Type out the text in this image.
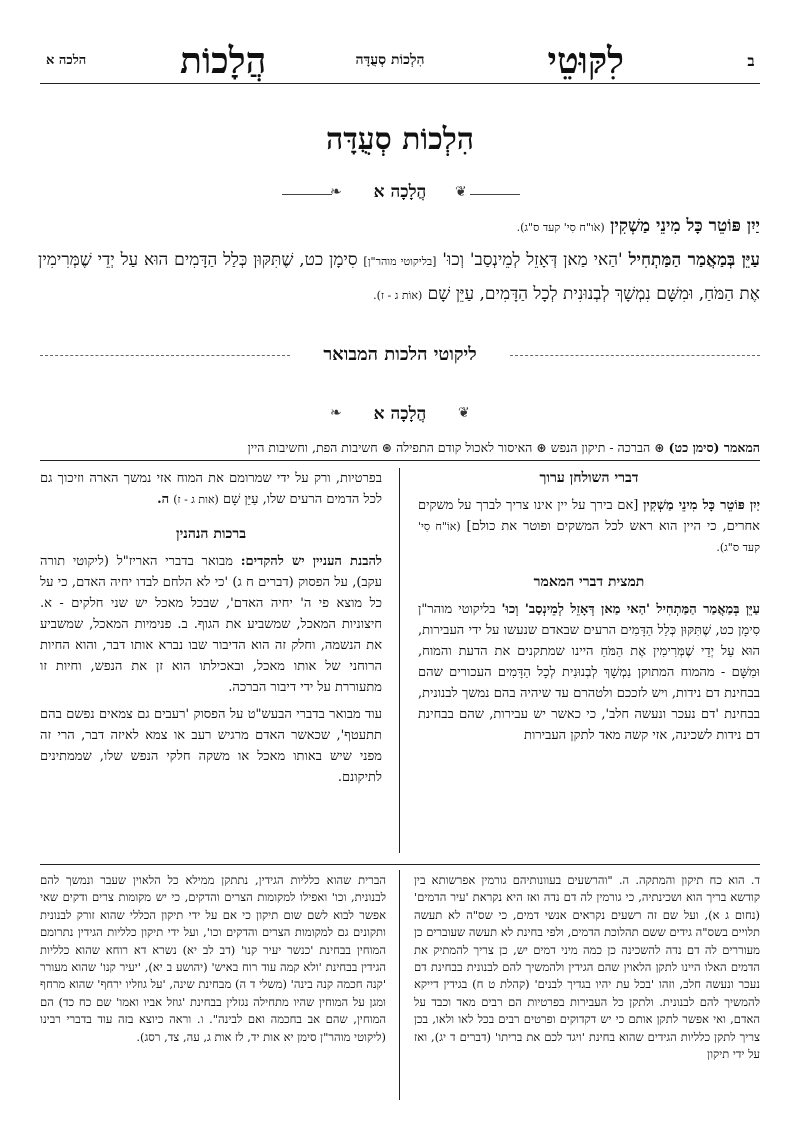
ב
לִקּוּטֵי
הִלְכוֹת סְעֻדָּה
הֲלָכוֹת
הלכה א
הִלְכוֹת סְעֻדָּה
הֲלָכָה א	❦
❧
יַיִן פּוֹטֵר כָּל מִינֵי מַשְׁקִין (אֹו"ח סִי' קעד ס"ג).
עַיֵּן בְּמַאֲמַר הַמַּתְחִיל 'הַאי מַאן דְּאָזֵל לְמֵינְסַב' וְכוּ' [בליקוטי מוהר"ן] סִימָן כט, שֶׁתִּקּוּן כְּלַל הַדָּמִים הוּא עַל יְדֵי שֶׁמְּרִימִין אֶת הַמֹּחַ, וּמִשָּׁם נִמְשָׁךְ לְבְנוּנִית לְכָל הַדָּמִים, עַיֵּן שָׁם (אוֹת ג - ז).
ליקוטי הלכות המבואר
הֲלָכָה א	❦
❧
המאמר (סימן כט) ⊛ הברכה - תיקון הנפש ⊛ האיסור לאכול קודם התפילה ⊛ חשיבות הפת, וחשיבות היין
דברי השולחן ערוך

יַיִן פּוֹטֵר כָּל מִינֵי מַשְׁקִין [אם בירך על יין אינו צריך לברך על משקים אחרים, כי היין הוא ראש לכל המשקים ופוטר את כולם] (אוֹ"ח סִי' קעד ס"ג).

תמצית דברי המאמר

עַיֵּן בְּמַאֲמַר הַמַּתְחִיל 'הַאי מַאן דְּאָזֵל לְמֵינְסַב' וְכוּ' בליקוטי מוהר"ן סִימָן כט, שֶׁתִּקּוּן כְּלַל הַדָּמִים הרעים שבאדם שנעשו על ידי העבירות, הוּא עַל יְדֵי שֶׁמְּרִימִין אֶת הַמֹּחַ היינו שמתקנים את הדעת והמוח, וּמִשָּׁם - מהמוח המתוקן נִמְשָׁךְ לְבְנוּנִית לְכָל הַדָּמִים העכורים שהם בבחינת דם נידות, ויש לזככם ולטהרם עד שיהיה בהם נמשך לבנונית, בבחינת 'דם נעכר ונעשה חלב', כי כאשר יש עבירות, שהם בבחינת דם נידות לשכינה, אזי קשה מאד לתקן העבירות

בפרטיות, ורק על ידי שמרומם את המוח אזי נמשך הארה וזיכוך גם לכל הדמים הרעים שלו, עַיֵּן שָׁם (אות ג - ז) ה.

ברכות הנהנין

להבנת העניין יש להקדים: מבואר בדברי האריז"ל (ליקוטי תורה עקב), על הפסוק (דברים ח ג) 'כי לא הלחם לבדו יחיה האדם, כי על כל מוצא פי ה' יחיה האדם', שבכל מאכל יש שני חלקים - א. חיצוניות המאכל, שמשביע את הגוף. ב. פנימיות המאכל, שמשביע את הנשמה, וחלק זה הוא הדיבור שבו נברא אותו דבר, והוא החיות הרוחני של אותו מאכל, ובאכילתו הוא זן את הנפש, וחיות זו מתעוררת על ידי דיבור הברכה.

עוד מבואר בדברי הבעש"ט על הפסוק 'רעבים גם צמאים נפשם בהם תתעטף', שכאשר האדם מרגיש רעב או צמא לאיזה דבר, הרי זה מפני שיש באותו מאכל או משקה חלקי הנפש שלו, שממתינים לתיקונם.

ד. הוא כח תיקון והמתקה. ה. "והרשעים בעוונותיהם גורמין אפרשותא בין קודשא בריך הוא ושכינתיה, כי גורמין לה דם נדה ואז היא נקראת 'עיר הדמים' (נחום ג א), ועל שם זה רשעים נקראים אנשי דמים, כי שס"ה לא תעשה תלויים בשס"ה גידים ששם תהלוכת הדמים, ולפי בחינת לא תעשה שעוברים כן מעוררים לה דם נדה להשכינה כן כמה מיני דמים יש, כן צריך להמתיק את הדמים האלו היינו לתקן הלאוין שהם הגידין ולהמשיך להם לבנונית בבחינת דם נעכר ונעשה חלב, וזהו 'בכל עת יהיו בגדיך לבנים' (קהלת ט ח) בגידין דייקא להמשיך להם לבנונית. ולתקן כל העבירות בפרטיות הם רבים מאד וכבד על האדם, ואי אפשר לתקן אותם כי יש דקדוקים ופרטים רבים בכל לאו ולאו, בכן צריך לתקן כלליות הגידים שהוא בחינת 'ויגד לכם את בריתו' (דברים ד יג), ואז על ידי תיקון

הברית שהוא כלליות הגידין, נתתקן ממילא כל הלאוין שעבר ונמשך להם לבנונית, וכו' ואפילו למקומות הצרים והדקים, כי יש מקומות צרים ודקים שאי אפשר לבוא לשם שום תיקון כי אם על ידי תיקון הכללי שהוא זורק לבנונית ותקונים גם למקומות הצרים והדקים וכו', ועל ידי תיקון כלליות הגידין נתרומם המוחין בבחינת 'כנשר יעיר קנו' (דב לב יא) נשרא דא רוחא שהוא כלליות הגידין בבחינת 'ולא קמה עוד רוח באיש' (יהושע ב יא), 'יעיר קנו' שהוא מעורר 'קנה חכמה קנה בינה' (משלי ד ה) מבחינת שינה, 'על גוזליו ירחף' שהוא מרחף ומגן על המוחין שהיו מתחילה נגזלין בבחינת 'גוזל אביו ואמו' שם כח כד) הם המוחין, שהם אב בחכמה ואם לבינה". ו. וראה כיוצא בזה עוד בדברי רבינו (ליקוטי מוהר"ן סימן יא אות יד, לז אות ג, עה, צד, רסג).
